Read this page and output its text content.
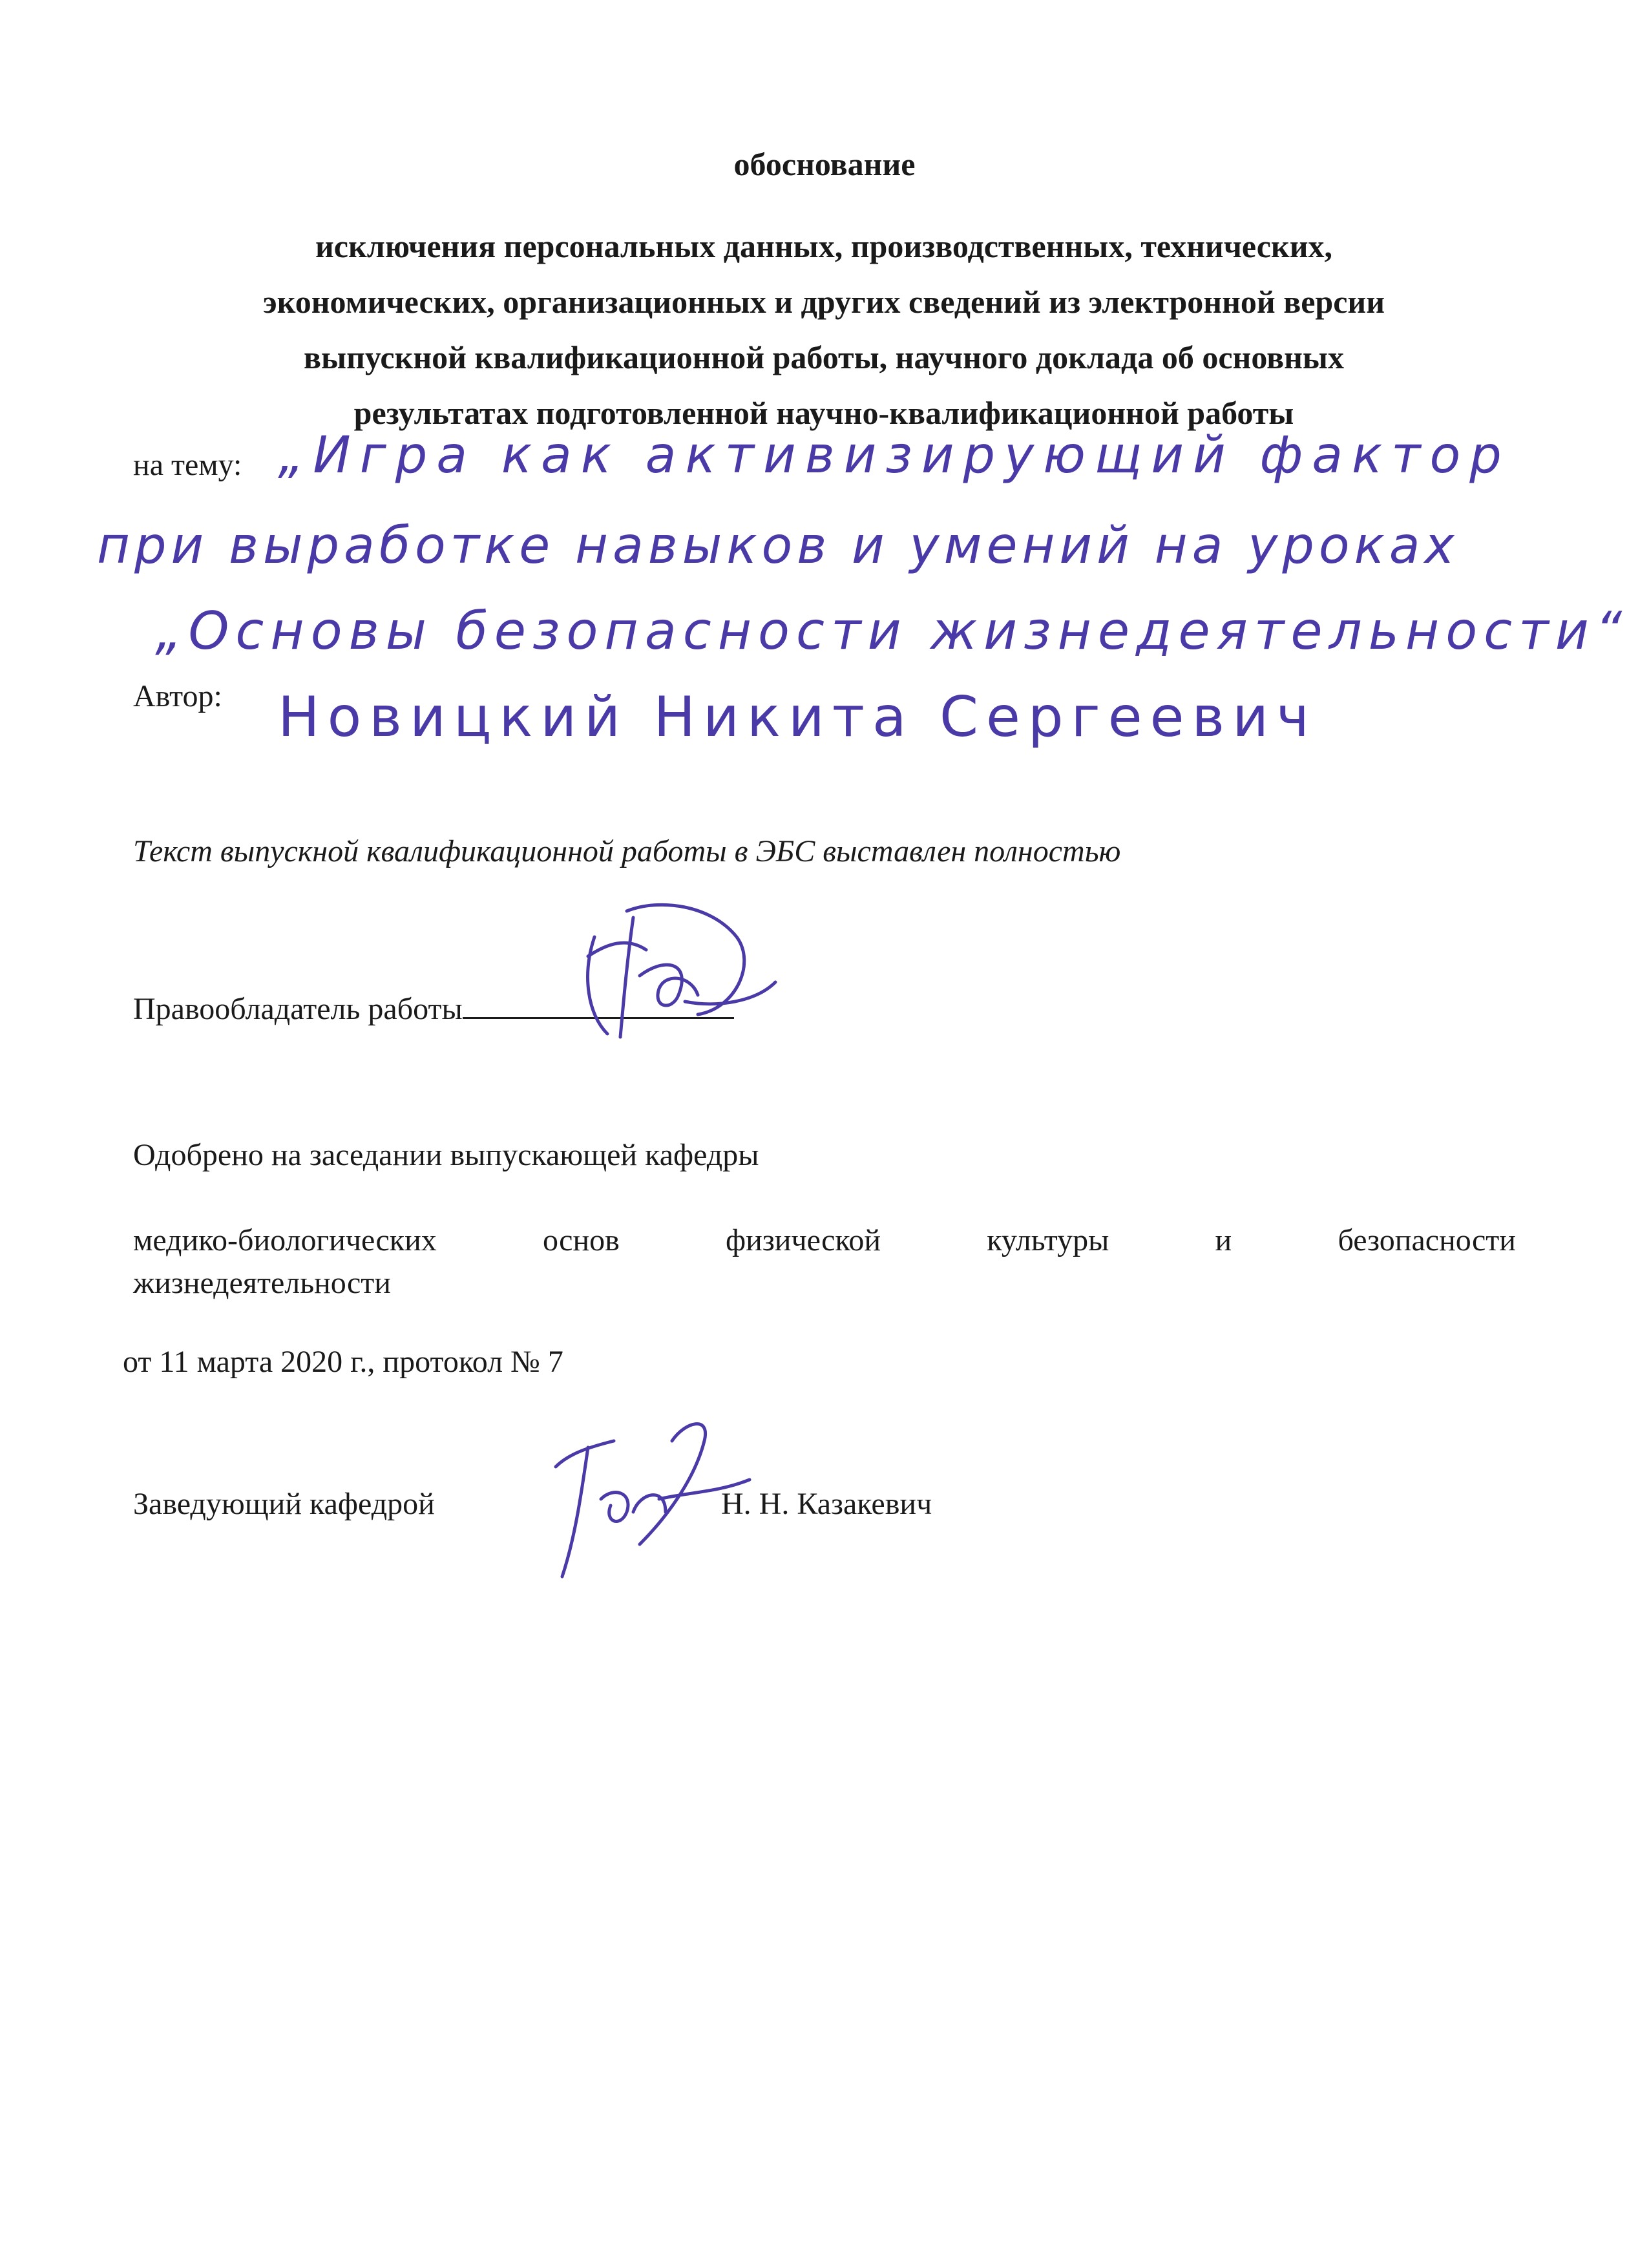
обоснование
исключения персональных данных, производственных, технических,
экономических, организационных и других сведений из электронной версии
выпускной квалификационной работы, научного доклада об основных
результатах подготовленной научно-квалификационной работы
на тему: „Игра как активизирующий фактор
при выработке навыков и умений на уроках
„Основы безопасности жизнедеятельности“
Автор: Новицкий Никита Сергеевич
Текст выпускной квалификационной работы в ЭБС выставлен полностью
Правообладатель работы
Одобрено на заседании выпускающей кафедры
медико-биологических	основ	физической	культуры	и	безопасности
жизнедеятельности
от 11 марта 2020 г., протокол № 7
Заведующий кафедрой	Н. Н. Казакевич
